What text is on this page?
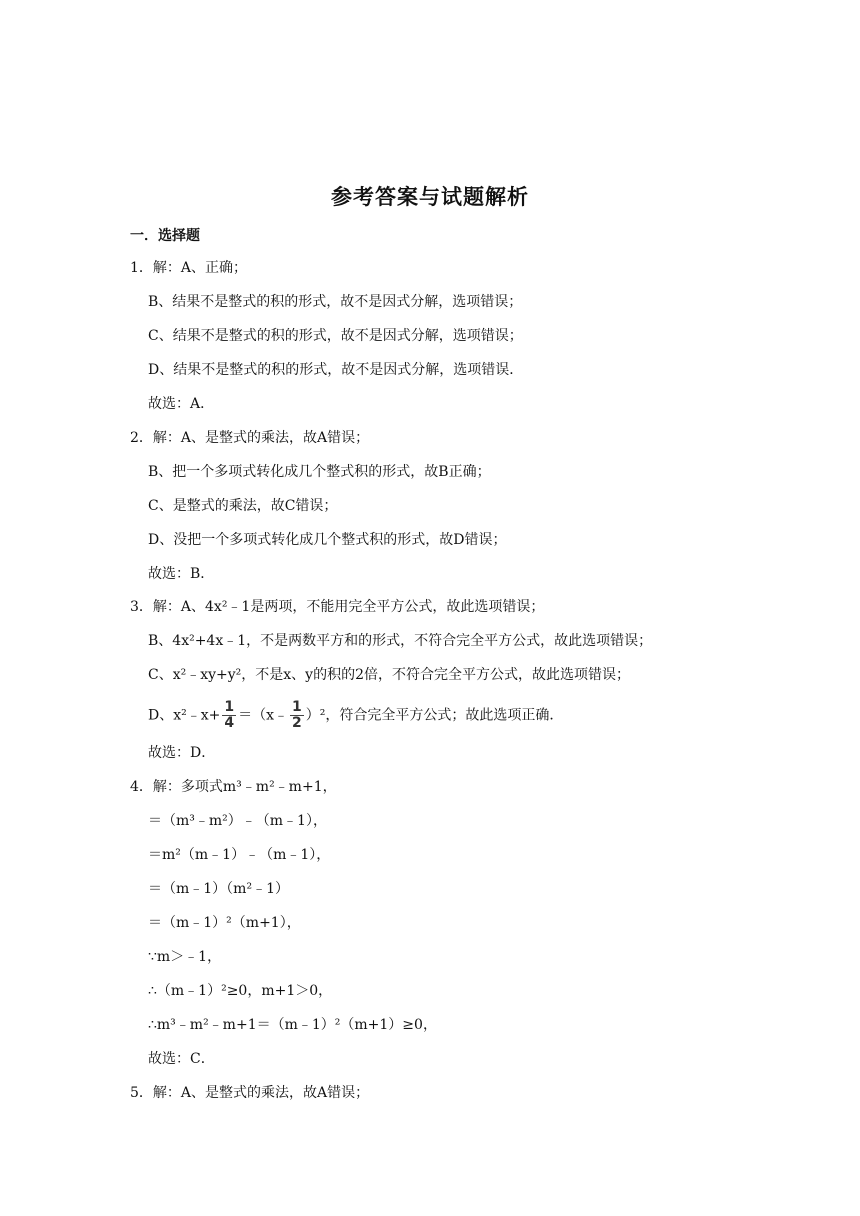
参考答案与试题解析
一．选择题
1．解：A、正确；
B、结果不是整式的积的形式，故不是因式分解，选项错误；
C、结果不是整式的积的形式，故不是因式分解，选项错误；
D、结果不是整式的积的形式，故不是因式分解，选项错误．
故选：A．
2．解：A、是整式的乘法，故A错误；
B、把一个多项式转化成几个整式积的形式，故B正确；
C、是整式的乘法，故C错误；
D、没把一个多项式转化成几个整式积的形式，故D错误；
故选：B．
3．解：A、4x²﹣1是两项，不能用完全平方公式，故此选项错误；
B、4x²+4x﹣1，不是两数平方和的形式，不符合完全平方公式，故此选项错误；
C、x²﹣xy+y²，不是x、y的积的2倍，不符合完全平方公式，故此选项错误；
故选：D．
4．解：多项式m³﹣m²﹣m+1，
＝（m³﹣m²）﹣（m﹣1），
＝m²（m﹣1）﹣（m﹣1），
＝（m﹣1）（m²﹣1）
＝（m﹣1）²（m+1），
∵m＞﹣1，
∴（m﹣1）²≥0，m+1＞0，
∴m³﹣m²﹣m+1＝（m﹣1）²（m+1）≥0，
故选：C．
5．解：A、是整式的乘法，故A错误；
D、x²﹣x+ $\frac{1}{4}$ ＝（x﹣ $\frac{1}{2} )^2$，符合完全平方公式；故此选项正确．
